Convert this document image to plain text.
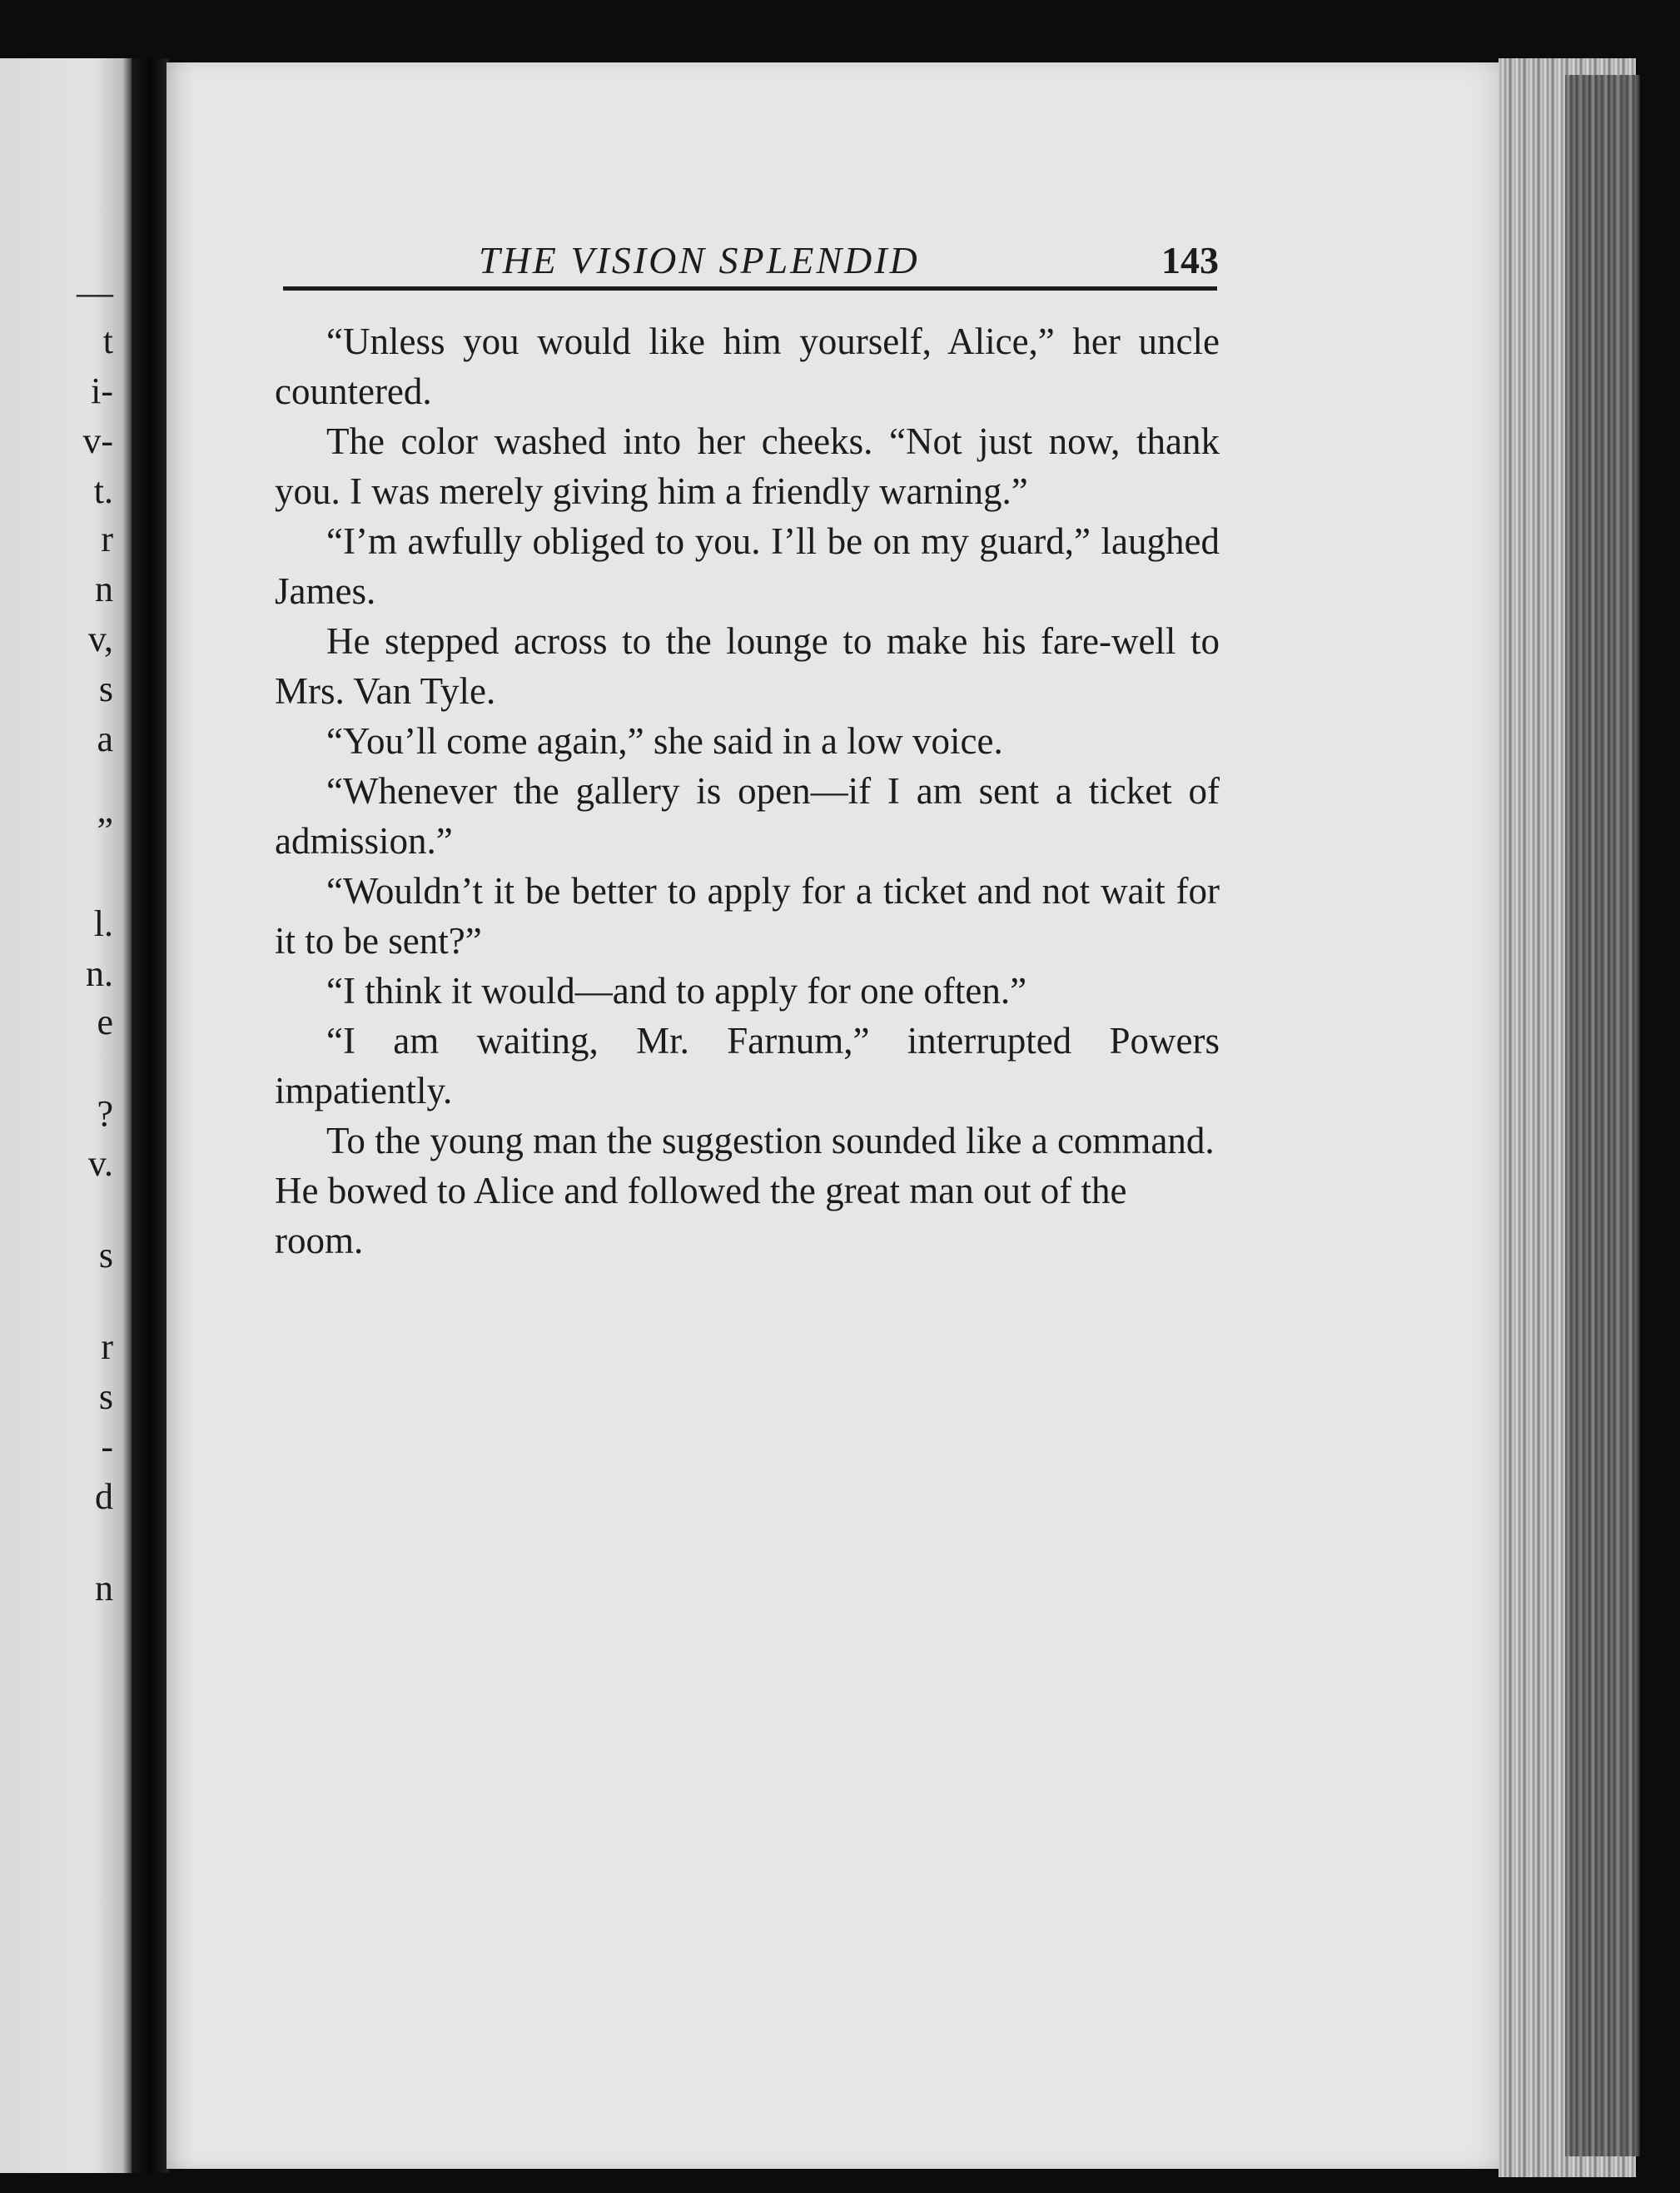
—
t
i-
v-
t.
r
n
v,
s
a
”
l.
n.
e
?
v.
s
r
s
-
d
n
THE VISION SPLENDID	143

“Unless you would like him yourself, Alice,” her uncle countered.

The color washed into her cheeks. “Not just now, thank you. I was merely giving him a friendly warning.”

“I’m awfully obliged to you. I’ll be on my guard,” laughed James.

He stepped across to the lounge to make his fare-well to Mrs. Van Tyle.

“You’ll come again,” she said in a low voice.

“Whenever the gallery is open—if I am sent a ticket of admission.”

“Wouldn’t it be better to apply for a ticket and not wait for it to be sent?”

“I think it would—and to apply for one often.”

“I am waiting, Mr. Farnum,” interrupted Powers impatiently.

To the young man the suggestion sounded like a command. He bowed to Alice and followed the great man out of the room.
